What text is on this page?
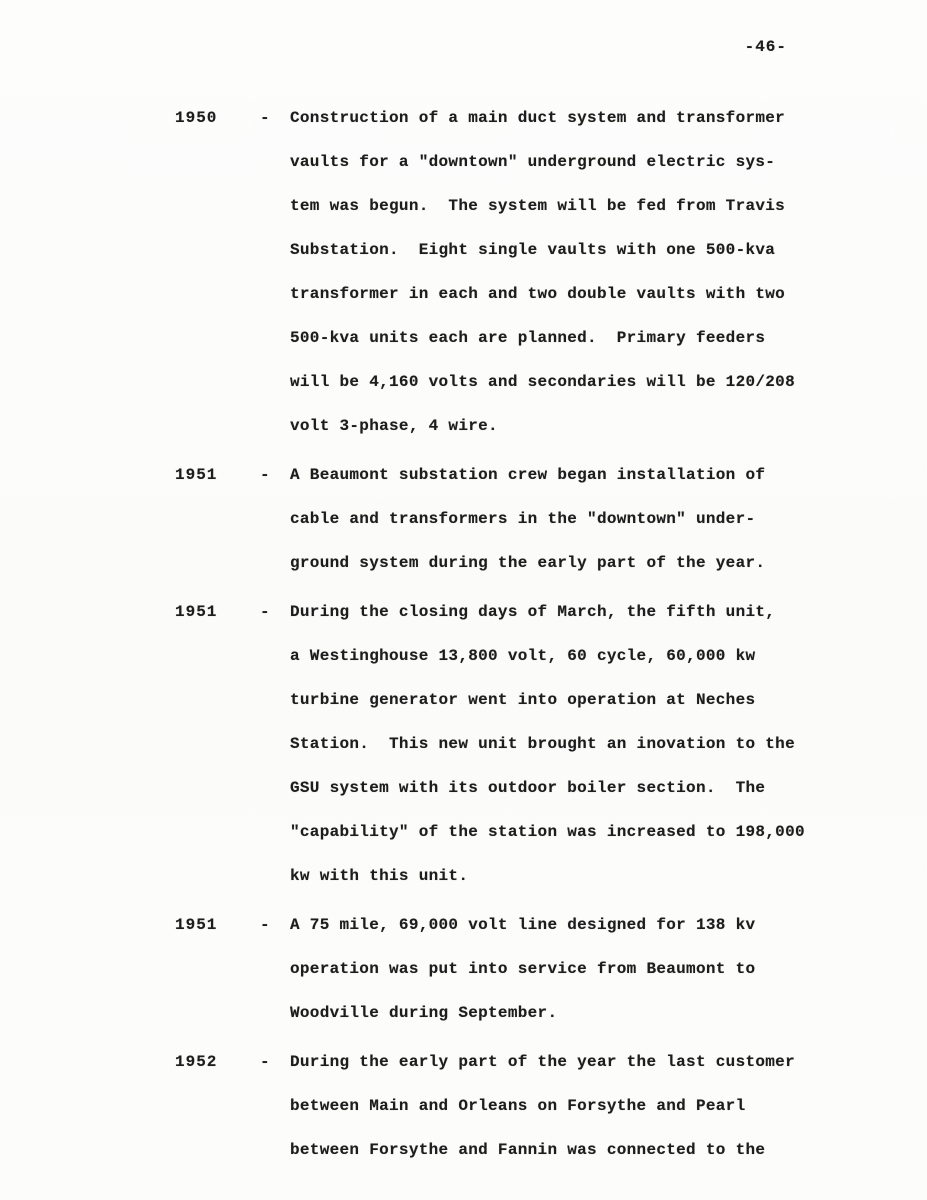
-46-
1950	-	Construction of a main duct system and transformer
vaults for a "downtown" underground electric sys-
tem was begun.  The system will be fed from Travis
Substation.  Eight single vaults with one 500-kva
transformer in each and two double vaults with two
500-kva units each are planned.  Primary feeders
will be 4,160 volts and secondaries will be 120/208
volt 3-phase, 4 wire.
1951	-	A Beaumont substation crew began installation of
cable and transformers in the "downtown" under-
ground system during the early part of the year.
1951	-	During the closing days of March, the fifth unit,
a Westinghouse 13,800 volt, 60 cycle, 60,000 kw
turbine generator went into operation at Neches
Station.  This new unit brought an inovation to the
GSU system with its outdoor boiler section.  The
"capability" of the station was increased to 198,000
kw with this unit.
1951	-	A 75 mile, 69,000 volt line designed for 138 kv
operation was put into service from Beaumont to
Woodville during September.
1952	-	During the early part of the year the last customer
between Main and Orleans on Forsythe and Pearl
between Forsythe and Fannin was connected to the
